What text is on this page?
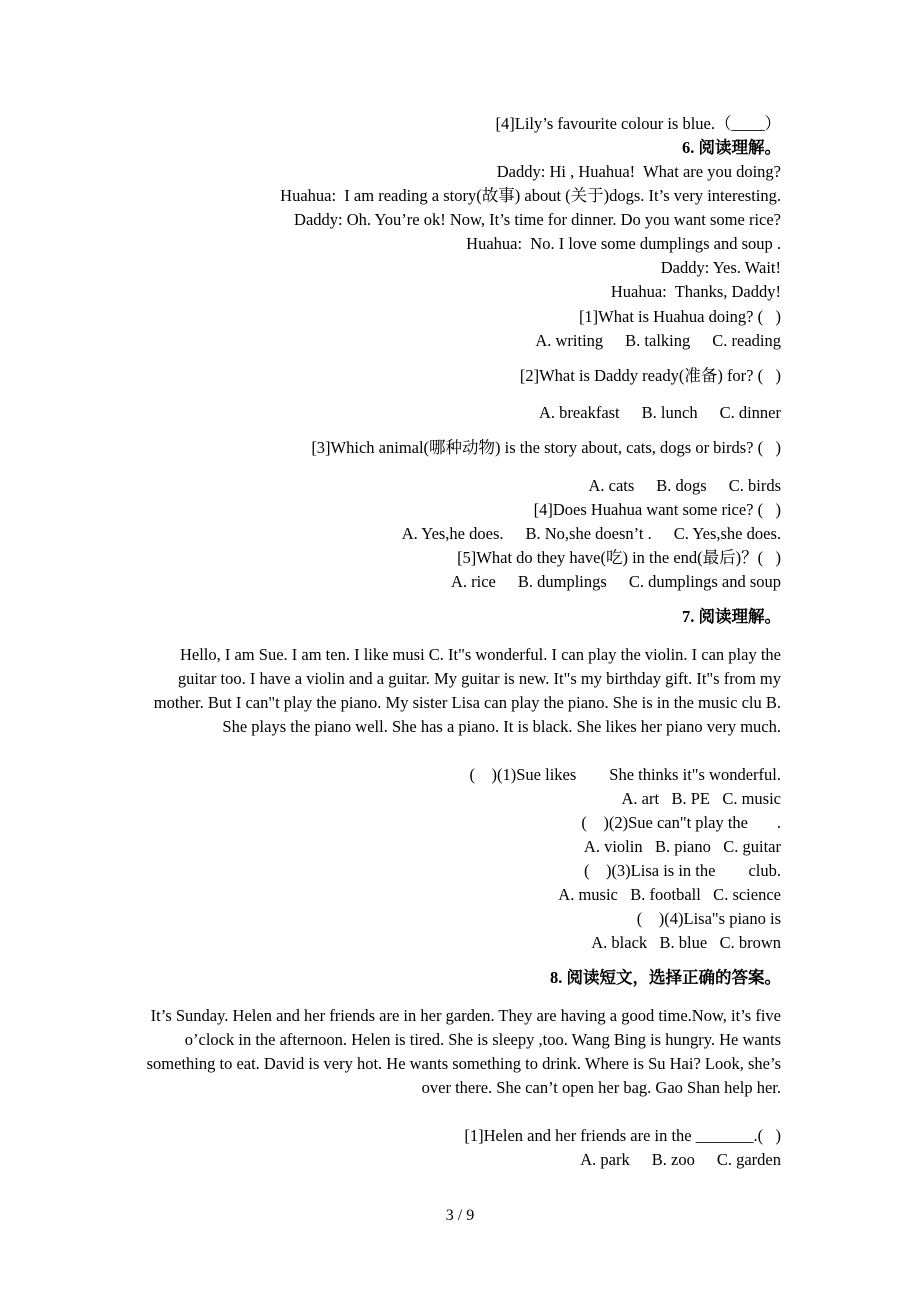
[4]Lily’s favourite colour is blue.（____）
6. 阅读理解。
Daddy: Hi , Huahua!  What are you doing?
Huahua:  I am reading a story(故事) about (关于)dogs. It’s very interesting.
Daddy: Oh. You’re ok! Now, It’s time for dinner. Do you want some rice?
Huahua:  No. I love some dumplings and soup .
Daddy: Yes. Wait!
Huahua:  Thanks, Daddy!
[1]What is Huahua doing? (   )
A. writing B. talking C. reading
[2]What is Daddy ready(准备) for? (   )
A. breakfast B. lunch C. dinner
[3]Which animal(哪种动物) is the story about, cats, dogs or birds? (   )
A. cats B. dogs C. birds
[4]Does Huahua want some rice? (   )
A. Yes,he does. B. No,she doesn’t . C. Yes,she does.
[5]What do they have(吃) in the end(最后)？(   )
A. rice B. dumplings C. dumplings and soup
7. 阅读理解。
Hello, I am Sue. I am ten. I like musi C. It"s wonderful. I can play the violin. I can play the guitar too. I have a violin and a guitar. My guitar is new. It"s my birthday gift. It"s from my mother. But I can"t play the piano. My sister Lisa can play the piano. She is in the music clu B. She plays the piano well. She has a piano. It is black. She likes her piano very much.
(    )(1)Sue likes        She thinks it"s wonderful.
A. art   B. PE   C. music
(    )(2)Sue can"t play the       .
A. violin   B. piano   C. guitar
(    )(3)Lisa is in the        club.
A. music   B. football   C. science
(    )(4)Lisa"s piano is
A. black   B. blue   C. brown
8. 阅读短文，选择正确的答案。
It’s Sunday. Helen and her friends are in her garden. They are having a good time.Now, it’s five o’clock in the afternoon. Helen is tired. She is sleepy ,too. Wang Bing is hungry. He wants something to eat. David is very hot. He wants something to drink. Where is Su Hai? Look, she’s over there. She can’t open her bag. Gao Shan help her.
[1]Helen and her friends are in the _______.(   )
A. park B. zoo C. garden
3 / 9
